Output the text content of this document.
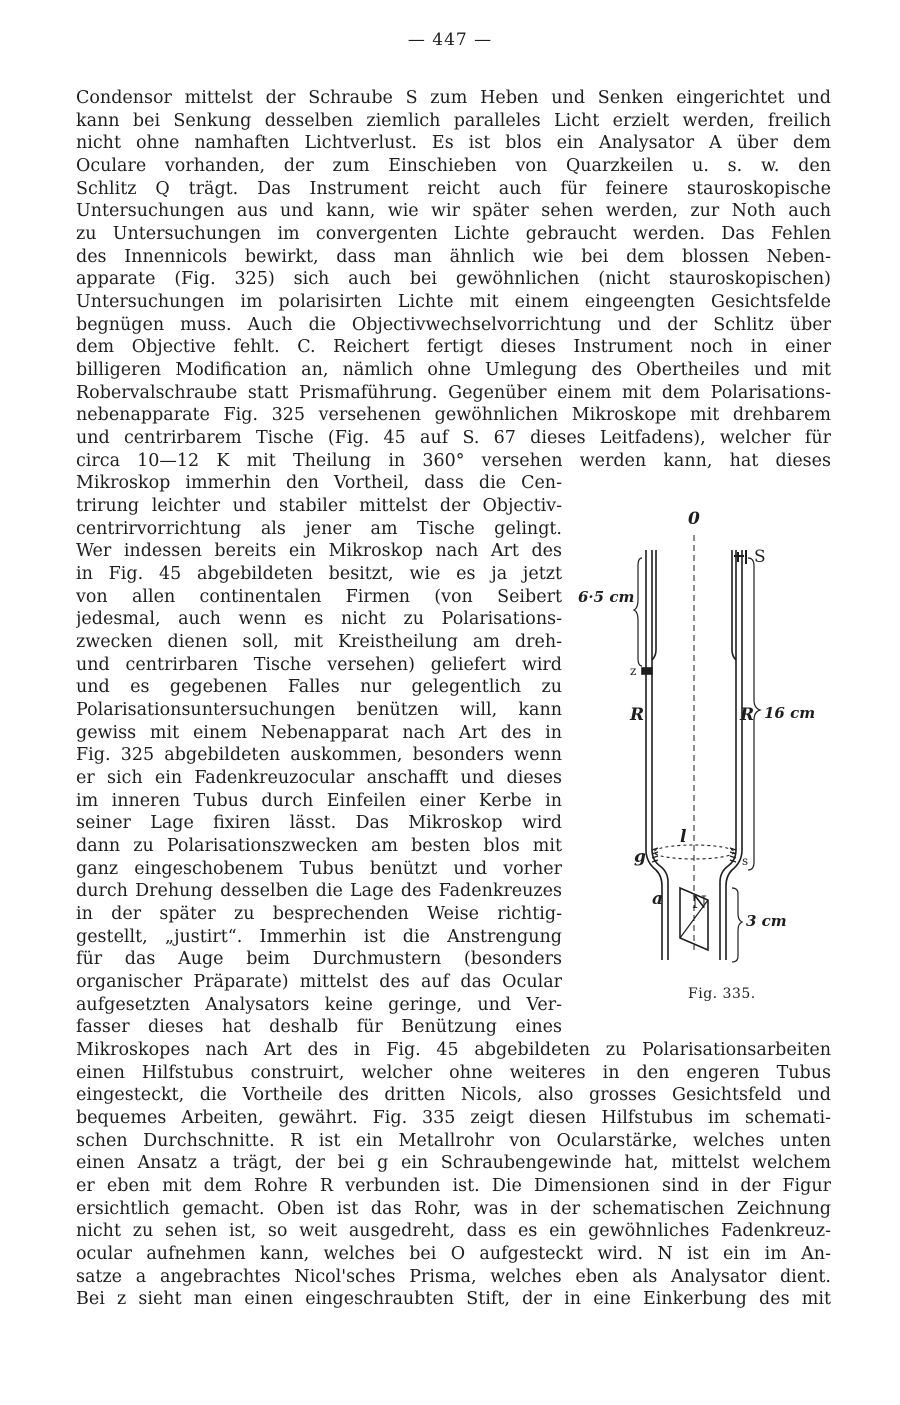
— 447 —
Condensor mittelst der Schraube S zum Heben und Senken eingerichtet und
kann bei Senkung desselben ziemlich paralleles Licht erzielt werden, freilich
nicht ohne namhaften Lichtverlust. Es ist blos ein Analysator A über dem
Oculare vorhanden, der zum Einschieben von Quarzkeilen u. s. w. den
Schlitz Q trägt. Das Instrument reicht auch für feinere stauroskopische
Untersuchungen aus und kann, wie wir später sehen werden, zur Noth auch
zu Untersuchungen im convergenten Lichte gebraucht werden. Das Fehlen
des Innennicols bewirkt, dass man ähnlich wie bei dem blossen Neben-
apparate (Fig. 325) sich auch bei gewöhnlichen (nicht stauroskopischen)
Untersuchungen im polarisirten Lichte mit einem eingeengten Gesichtsfelde
begnügen muss. Auch die Objectivwechselvorrichtung und der Schlitz über
dem Objective fehlt. C. Reichert fertigt dieses Instrument noch in einer
billigeren Modification an, nämlich ohne Umlegung des Obertheiles und mit
Robervalschraube statt Prismaführung. Gegenüber einem mit dem Polarisations-
nebenapparate Fig. 325 versehenen gewöhnlichen Mikroskope mit drehbarem
und centrirbarem Tische (Fig. 45 auf S. 67 dieses Leitfadens), welcher für
circa 10—12 K mit Theilung in 360° versehen werden kann, hat dieses
Mikroskop immerhin den Vortheil, dass die Cen-
trirung leichter und stabiler mittelst der Objectiv-
centrirvorrichtung als jener am Tische gelingt.
Wer indessen bereits ein Mikroskop nach Art des
in Fig. 45 abgebildeten besitzt, wie es ja jetzt
von allen continentalen Firmen (von Seibert
jedesmal, auch wenn es nicht zu Polarisations-
zwecken dienen soll, mit Kreistheilung am dreh-
und centrirbaren Tische versehen) geliefert wird
und es gegebenen Falles nur gelegentlich zu
Polarisationsuntersuchungen benützen will, kann
gewiss mit einem Nebenapparat nach Art des in
Fig. 325 abgebildeten auskommen, besonders wenn
er sich ein Fadenkreuzocular anschafft und dieses
im inneren Tubus durch Einfeilen einer Kerbe in
seiner Lage fixiren lässt. Das Mikroskop wird
dann zu Polarisationszwecken am besten blos mit
ganz eingeschobenem Tubus benützt und vorher
durch Drehung desselben die Lage des Fadenkreuzes
in der später zu besprechenden Weise richtig-
gestellt, „justirt“. Immerhin ist die Anstrengung
für das Auge beim Durchmustern (besonders
organischer Präparate) mittelst des auf das Ocular
aufgesetzten Analysators keine geringe, und Ver-
fasser dieses hat deshalb für Benützung eines
Mikroskopes nach Art des in Fig. 45 abgebildeten zu Polarisationsarbeiten
einen Hilfstubus construirt, welcher ohne weiteres in den engeren Tubus
eingesteckt, die Vortheile des dritten Nicols, also grosses Gesichtsfeld und
bequemes Arbeiten, gewährt. Fig. 335 zeigt diesen Hilfstubus im schemati-
schen Durchschnitte. R ist ein Metallrohr von Ocularstärke, welches unten
einen Ansatz a trägt, der bei g ein Schraubengewinde hat, mittelst welchem
er eben mit dem Rohre R verbunden ist. Die Dimensionen sind in der Figur
ersichtlich gemacht. Oben ist das Rohr, was in der schematischen Zeichnung
nicht zu sehen ist, so weit ausgedreht, dass es ein gewöhnliches Fadenkreuz-
ocular aufnehmen kann, welches bei O aufgesteckt wird. N ist ein im An-
satze a angebrachtes Nicol'sches Prisma, welches eben als Analysator dient.
Bei z sieht man einen eingeschraubten Stift, der in eine Einkerbung des mit
0
S
6·5 cm
z
R	R 16 cm
l
g	s
a N
3 cm
Fig. 335.
